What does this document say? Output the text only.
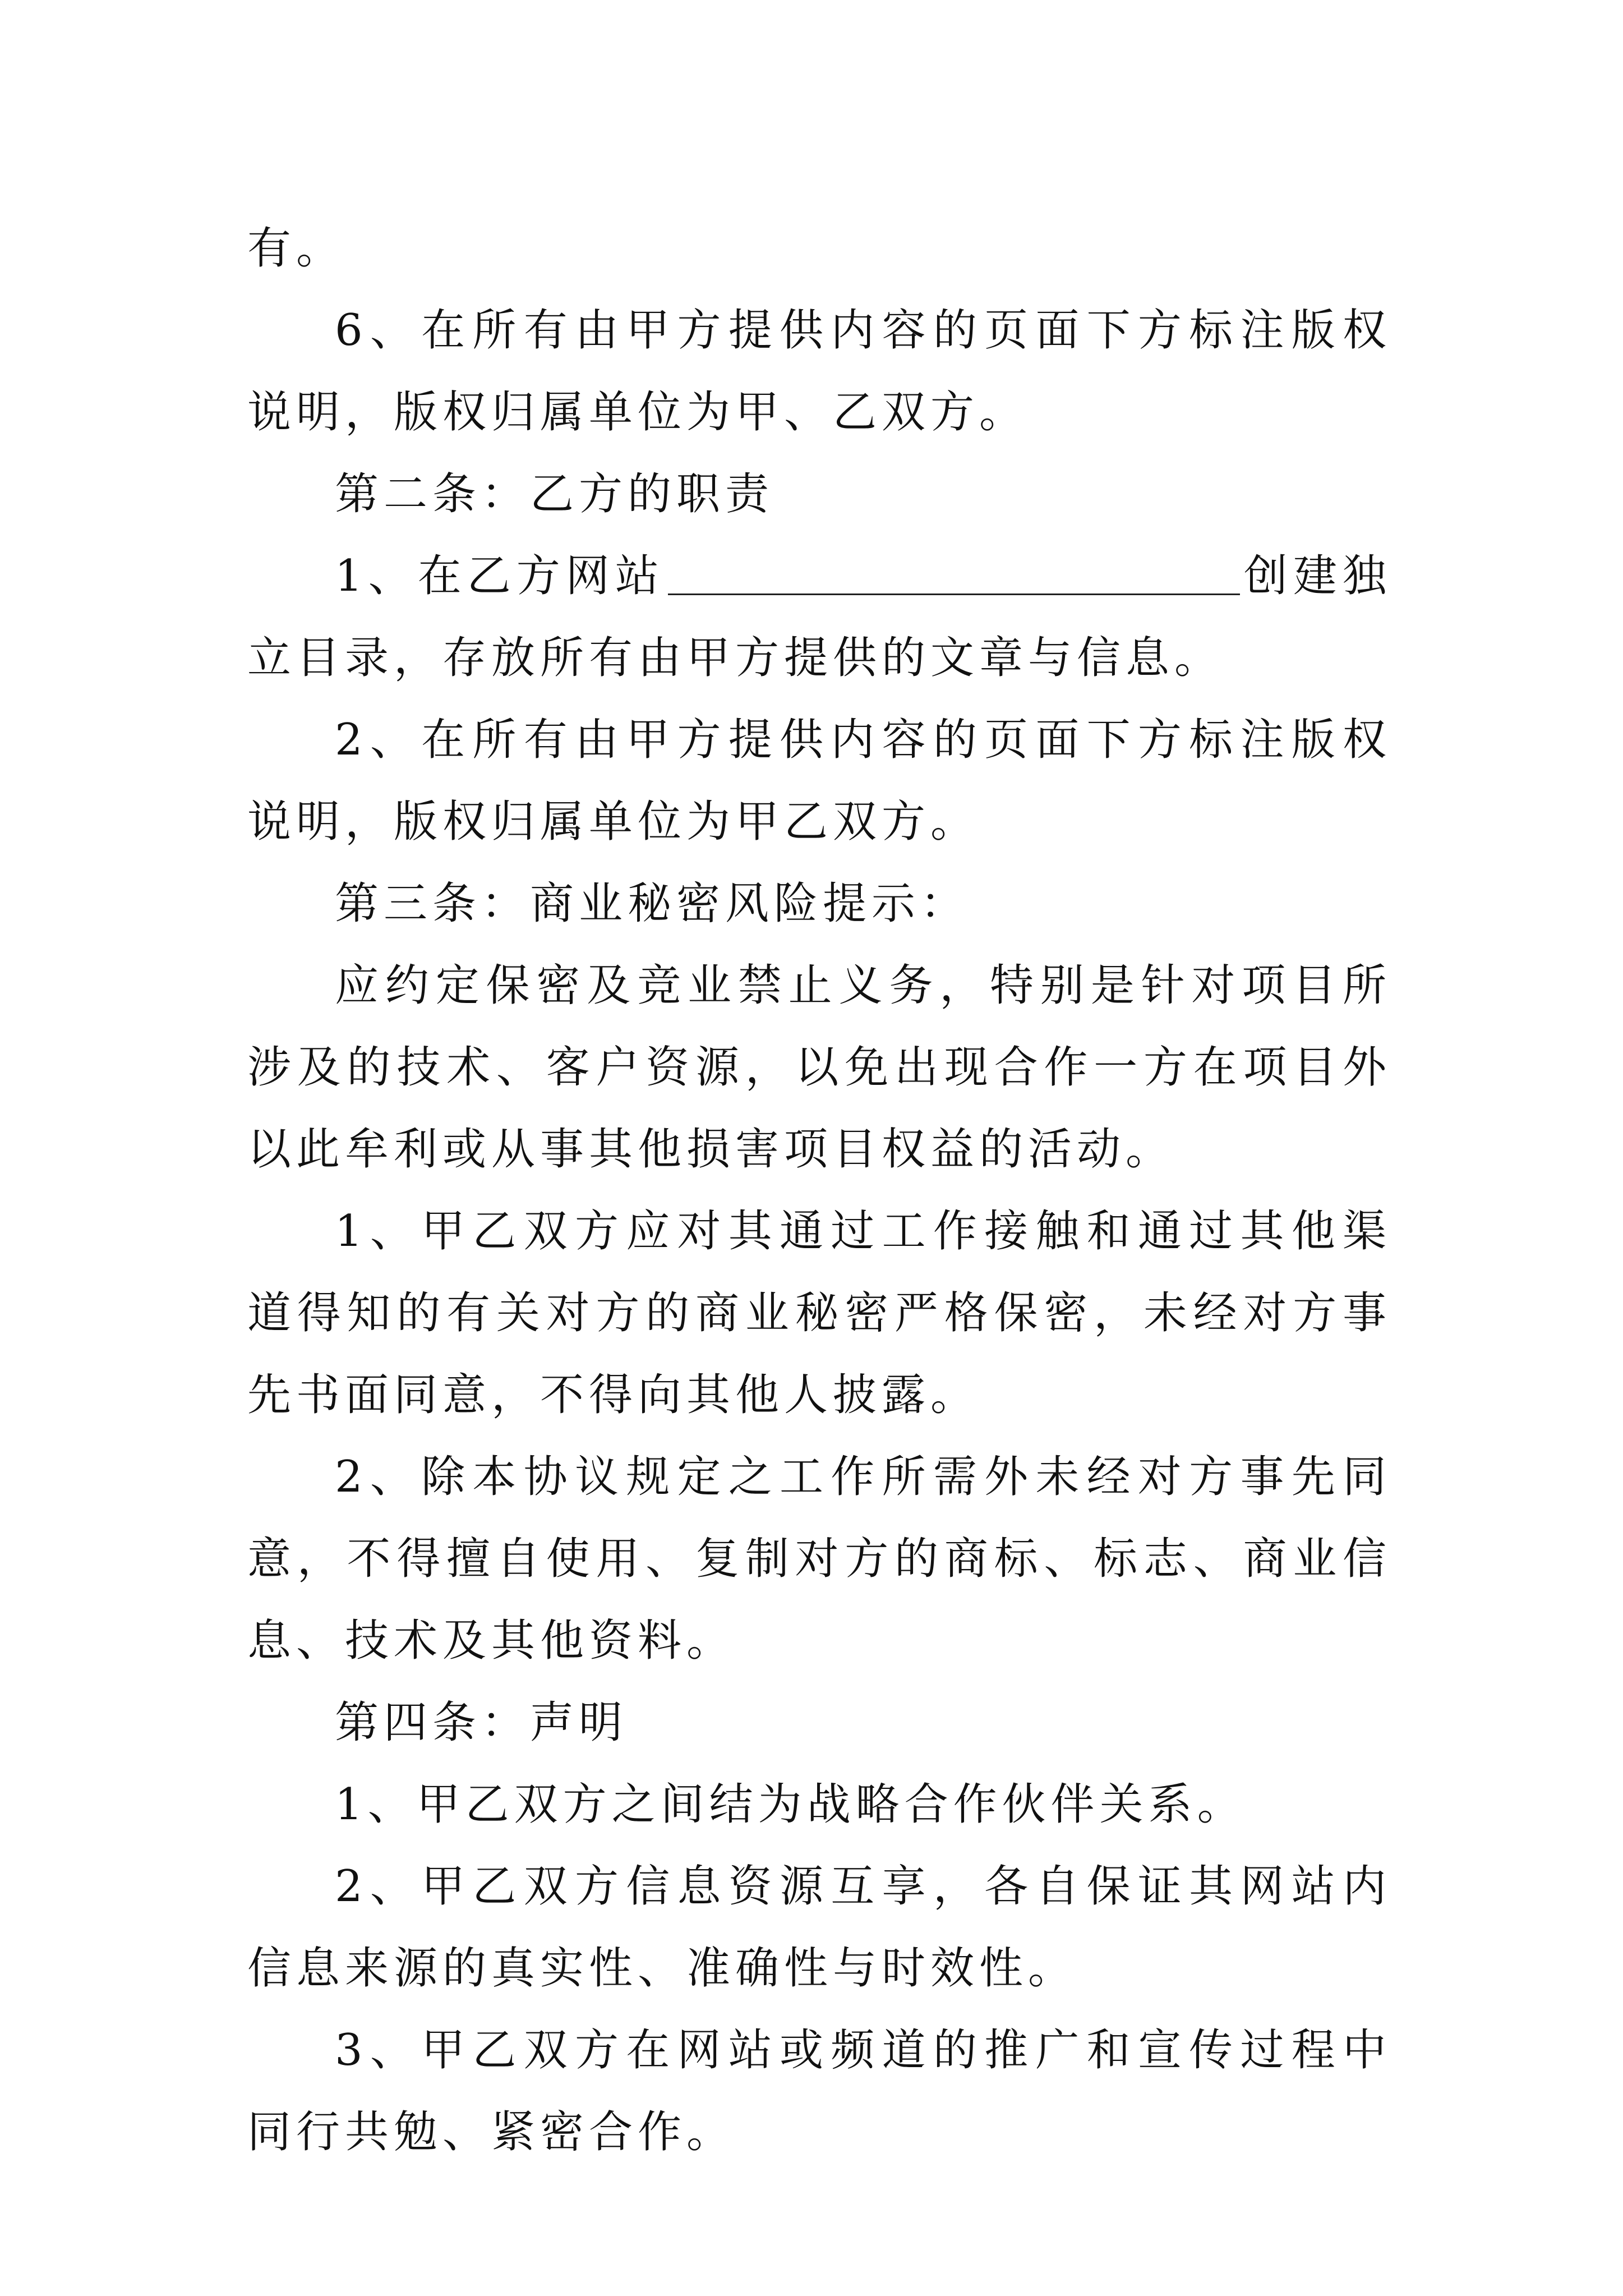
有。

6、在所有由甲方提供内容的页面下方标注版权说明，版权归属单位为甲、乙双方。

第二条：乙方的职责

1、在乙方网站	创建独立目录，存放所有由甲方提供的文章与信息。

2、在所有由甲方提供内容的页面下方标注版权说明，版权归属单位为甲乙双方。

第三条：商业秘密风险提示：

应约定保密及竞业禁止义务，特别是针对项目所涉及的技术、客户资源，以免出现合作一方在项目外以此牟利或从事其他损害项目权益的活动。

1、甲乙双方应对其通过工作接触和通过其他渠道得知的有关对方的商业秘密严格保密，未经对方事先书面同意，不得向其他人披露。

2、除本协议规定之工作所需外未经对方事先同意，不得擅自使用、复制对方的商标、标志、商业信息、技术及其他资料。

第四条：声明

1、甲乙双方之间结为战略合作伙伴关系。

2、甲乙双方信息资源互享，各自保证其网站内信息来源的真实性、准确性与时效性。

3、甲乙双方在网站或频道的推广和宣传过程中同行共勉、紧密合作。
